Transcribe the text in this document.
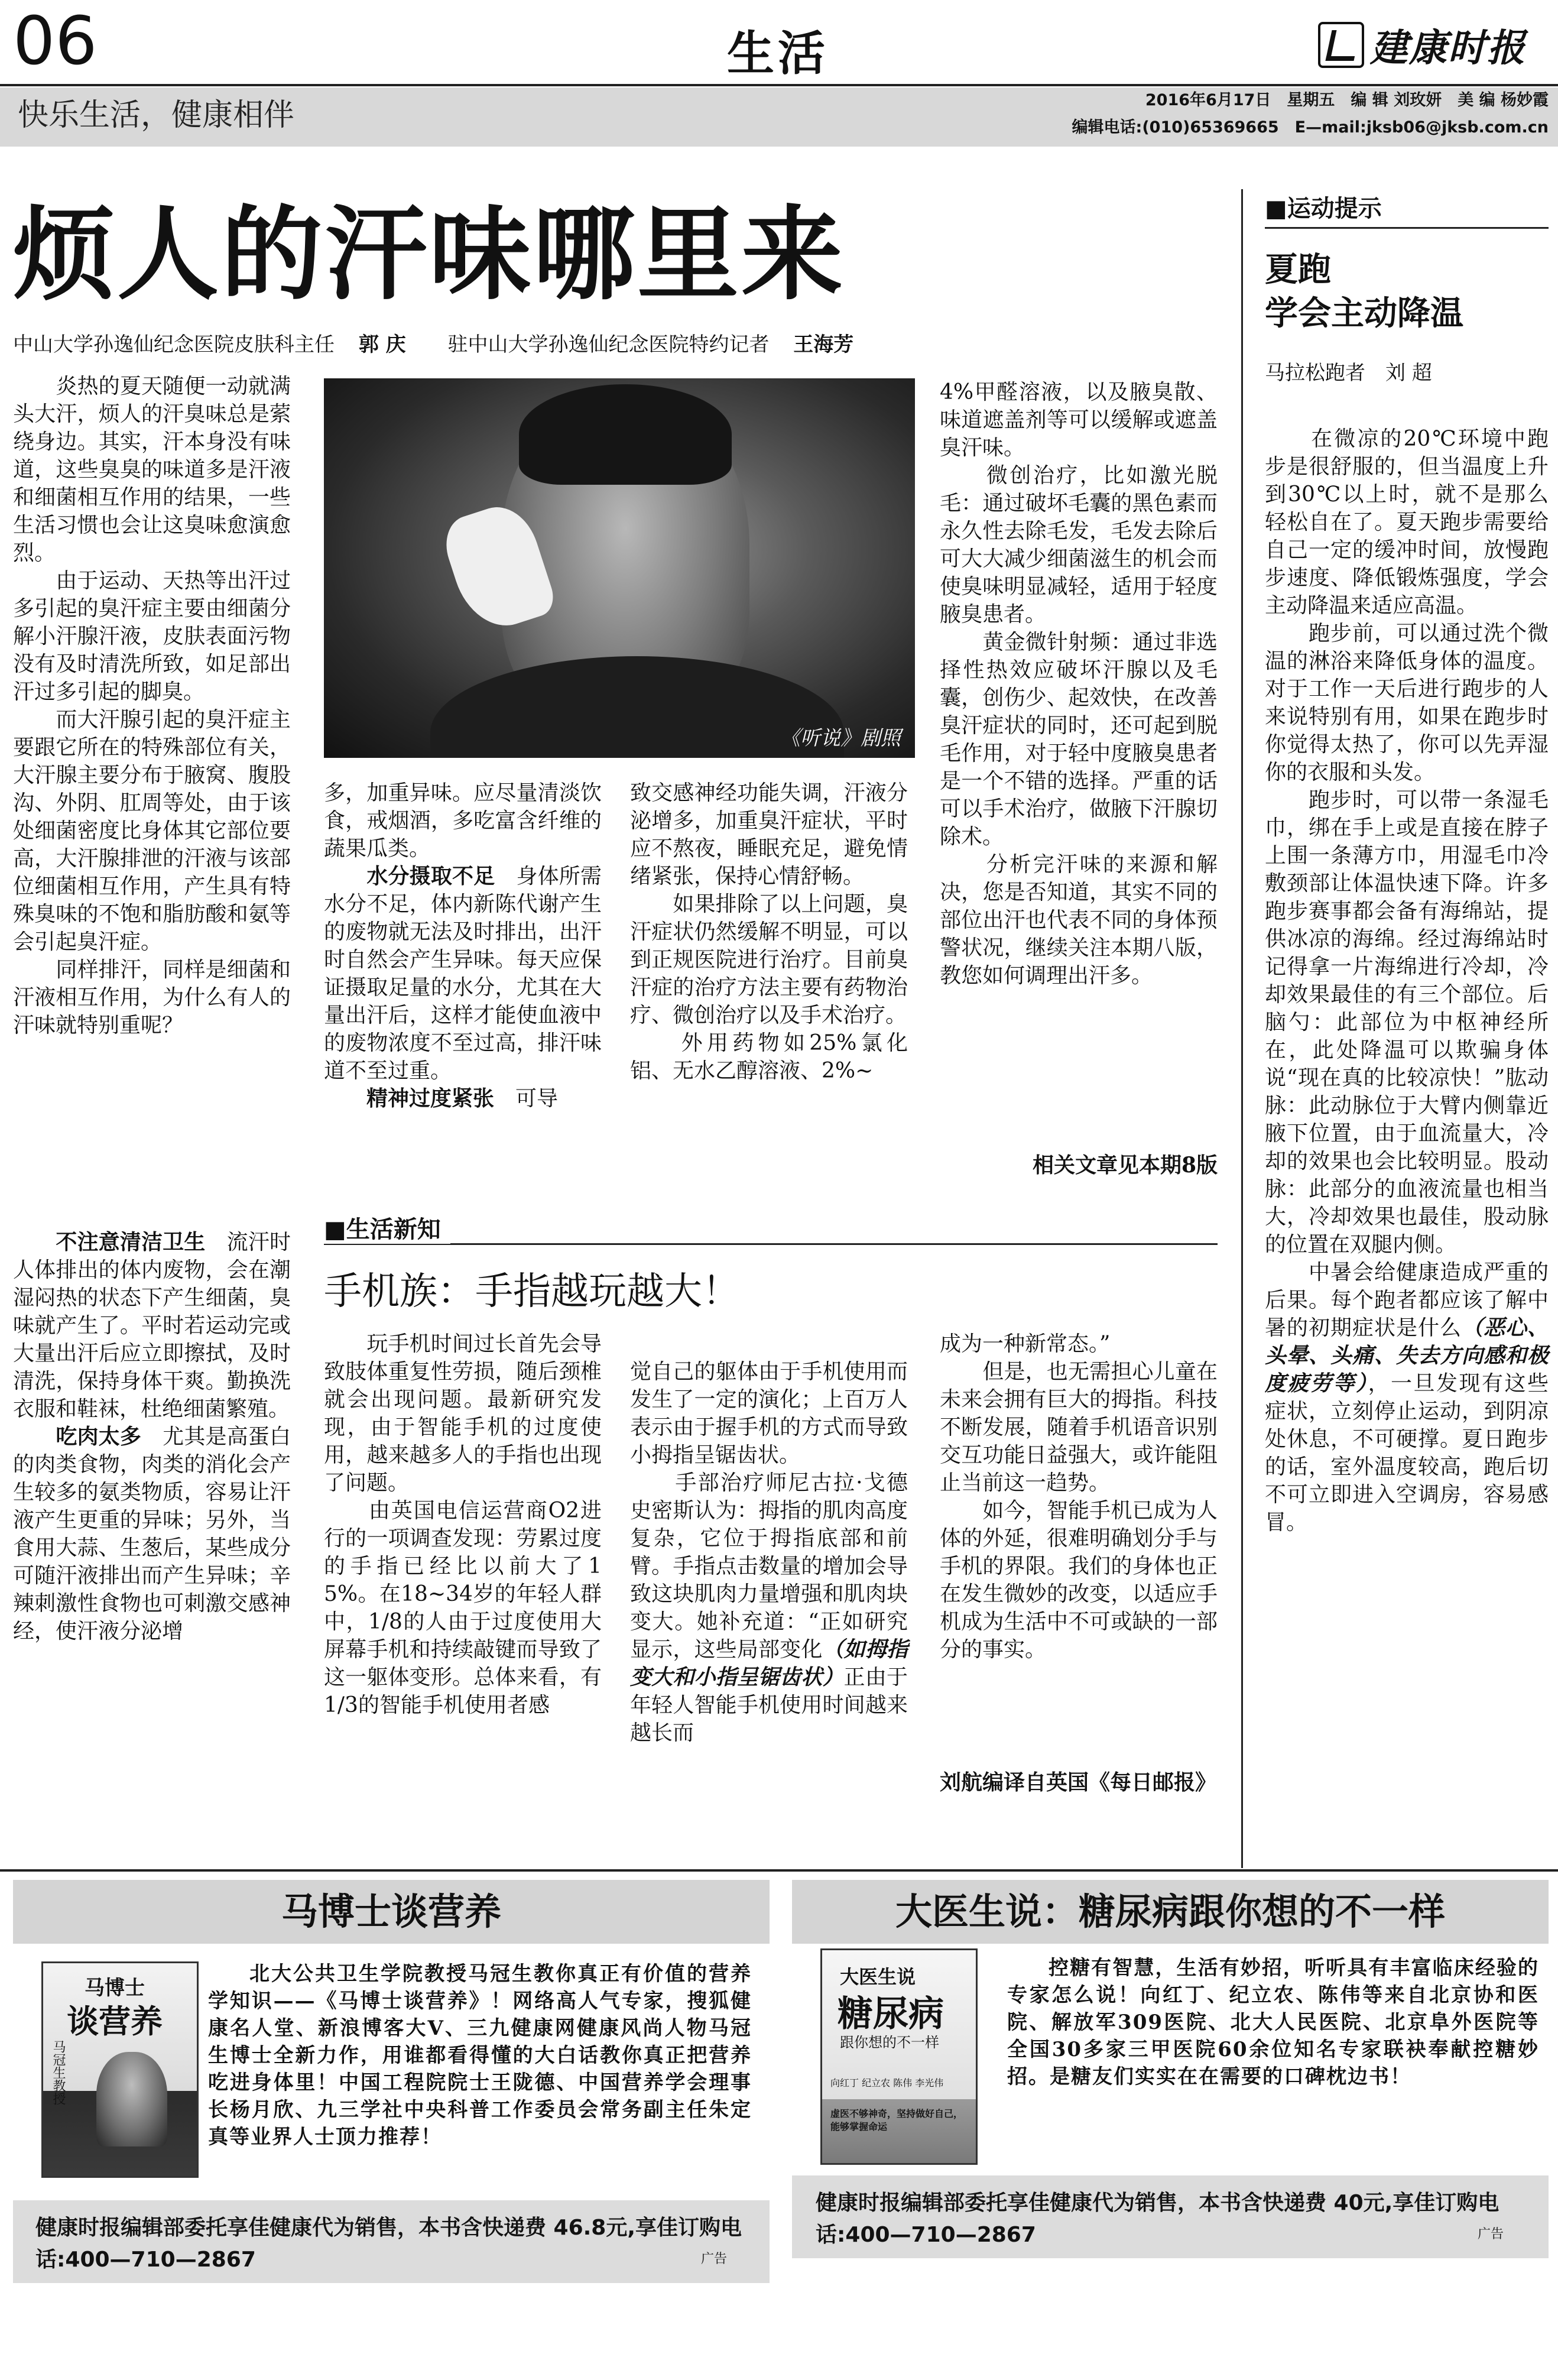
06	生活	建康时报
快乐生活，健康相伴	2016年6月17日　星期五　编 辑 刘玫妍　美 编 杨妙霞
编辑电话:(010)65369665　E—mail:jksb06@jksb.com.cn
烦人的汗味哪里来
中山大学孙逸仙纪念医院皮肤科主任 郭 庆 驻中山大学孙逸仙纪念医院特约记者 王海芳
《听说》剧照
　　炎热的夏天随便一动就满头大汗，烦人的汗臭味总是萦绕身边。其实，汗本身没有味道，这些臭臭的味道多是汗液和细菌相互作用的结果，一些生活习惯也会让这臭味愈演愈烈。
　　由于运动、天热等出汗过多引起的臭汗症主要由细菌分解小汗腺汗液，皮肤表面污物没有及时清洗所致，如足部出汗过多引起的脚臭。
　　而大汗腺引起的臭汗症主要跟它所在的特殊部位有关，大汗腺主要分布于腋窝、腹股沟、外阴、肛周等处，由于该处细菌密度比身体其它部位要高，大汗腺排泄的汗液与该部位细菌相互作用，产生具有特殊臭味的不饱和脂肪酸和氨等会引起臭汗症。
　　同样排汗，同样是细菌和汗液相互作用，为什么有人的汗味就特别重呢？

　　不注意清洁卫生　 流汗时人体排出的体内废物，会在潮湿闷热的状态下产生细菌，臭味就产生了。平时若运动完或大量出汗后应立即擦拭，及时清洗，保持身体干爽。勤换洗衣服和鞋袜，杜绝细菌繁殖。

　　吃肉太多　 尤其是高蛋白的肉类食物，肉类的消化会产生较多的氨类物质，容易让汗液产生更重的异味；另外，当食用大蒜、生葱后，某些成分可随汗液排出而产生异味；辛辣刺激性食物也可刺激交感神经，使汗液分泌增

多，加重异味。应尽量清淡饮食，戒烟酒，多吃富含纤维的蔬果瓜类。

　　水分摄取不足　 身体所需水分不足，体内新陈代谢产生的废物就无法及时排出，出汗时自然会产生异味。每天应保证摄取足量的水分，尤其在大量出汗后，这样才能使血液中的废物浓度不至过高，排汗味道不至过重。

　　精神过度紧张　 可导

致交感神经功能失调，汗液分泌增多，加重臭汗症状，平时应不熬夜，睡眠充足，避免情绪紧张，保持心情舒畅。
　　如果排除了以上问题，臭汗症状仍然缓解不明显，可以到正规医院进行治疗。目前臭汗症的治疗方法主要有药物治疗、微创治疗以及手术治疗。
　　外用药物如25%氯化铝、无水乙醇溶液、2%~
4%甲醛溶液，以及腋臭散、味道遮盖剂等可以缓解或遮盖臭汗味。
　　微创治疗，比如激光脱毛：通过破坏毛囊的黑色素而永久性去除毛发，毛发去除后可大大减少细菌滋生的机会而使臭味明显减轻，适用于轻度腋臭患者。
　　黄金微针射频：通过非选择性热效应破坏汗腺以及毛囊，创伤少、起效快，在改善臭汗症状的同时，还可起到脱毛作用，对于轻中度腋臭患者是一个不错的选择。严重的话可以手术治疗，做腋下汗腺切除术。
　　分析完汗味的来源和解决，您是否知道，其实不同的部位出汗也代表不同的身体预警状况，继续关注本期八版，教您如何调理出汗多。
相关文章见本期8版
■生活新知
手机族：手指越玩越大！
　　玩手机时间过长首先会导致肢体重复性劳损，随后颈椎就会出现问题。最新研究发现，由于智能手机的过度使用，越来越多人的手指也出现了问题。
　　由英国电信运营商O2进行的一项调查发现：劳累过度的手指已经比以前大了15%。在18~34岁的年轻人群中，1/8的人由于过度使用大屏幕手机和持续敲键而导致了这一躯体变形。总体来看，有1/3的智能手机使用者感

觉自己的躯体由于手机使用而发生了一定的演化；上百万人表示由于握手机的方式而导致小拇指呈锯齿状。
　　手部治疗师尼古拉·戈德史密斯认为：拇指的肌肉高度复杂，它位于拇指底部和前臂。手指点击数量的增加会导致这块肌肉力量增强和肌肉块变大。她补充道：“正如研究显示，这些局部变化（如拇指变大和小指呈锯齿状）正由于年轻人智能手机使用时间越来越长而

成为一种新常态。”
　　但是，也无需担心儿童在未来会拥有巨大的拇指。科技不断发展，随着手机语音识别交互功能日益强大，或许能阻止当前这一趋势。
　　如今，智能手机已成为人体的外延，很难明确划分手与手机的界限。我们的身体也正在发生微妙的改变，以适应手机成为生活中不可或缺的一部分的事实。
刘航编译自英国《每日邮报》
■运动提示
夏跑
学会主动降温
马拉松跑者　刘 超

　　在微凉的20℃环境中跑步是很舒服的，但当温度上升到30℃以上时，就不是那么轻松自在了。夏天跑步需要给自己一定的缓冲时间，放慢跑步速度、降低锻炼强度，学会主动降温来适应高温。
　　跑步前，可以通过洗个微温的淋浴来降低身体的温度。对于工作一天后进行跑步的人来说特别有用，如果在跑步时你觉得太热了，你可以先弄湿你的衣服和头发。
　　跑步时，可以带一条湿毛巾，绑在手上或是直接在脖子上围一条薄方巾，用湿毛巾冷敷颈部让体温快速下降。许多跑步赛事都会备有海绵站，提供冰凉的海绵。经过海绵站时记得拿一片海绵进行冷却，冷却效果最佳的有三个部位。后脑勺：此部位为中枢神经所在，此处降温可以欺骗身体说“现在真的比较凉快！”肱动脉：此动脉位于大臂内侧靠近腋下位置，由于血流量大，冷却的效果也会比较明显。股动脉：此部分的血液流量也相当大，冷却效果也最佳，股动脉的位置在双腿内侧。
　　中暑会给健康造成严重的后果。每个跑者都应该了解中暑的初期症状是什么（恶心、头晕、头痛、失去方向感和极度疲劳等），一旦发现有这些症状，立刻停止运动，到阴凉处休息，不可硬撑。夏日跑步的话，室外温度较高，跑后切不可立即进入空调房，容易感冒。

马博士谈营养
马博士
谈营养
马冠生教授
北大公共卫生学院教授马冠生教你真正有价值的营养学知识——《马博士谈营养》！网络高人气专家，搜狐健康名人堂、新浪博客大V、三九健康网健康风尚人物马冠生博士全新力作，用谁都看得懂的大白话教你真正把营养吃进身体里！中国工程院院士王陇德、中国营养学会理事长杨月欣、九三学社中央科普工作委员会常务副主任朱定真等业界人士顶力推荐！
健康时报编辑部委托享佳健康代为销售，本书含快递费 46.8元,享佳订购电话:400—710—2867	广告
大医生说：糖尿病跟你想的不一样
大医生说
糖尿病
跟你想的不一样
向红丁 纪立农 陈伟 李光伟
虚医不够神奇，坚持做好自己，能够掌握命运
控糖有智慧，生活有妙招，听听具有丰富临床经验的专家怎么说！向红丁、纪立农、陈伟等来自北京协和医院、解放军309医院、北大人民医院、北京阜外医院等全国30多家三甲医院60余位知名专家联袂奉献控糖妙招。是糖友们实实在在需要的口碑枕边书！
健康时报编辑部委托享佳健康代为销售，本书含快递费 40元,享佳订购电话:400—710—2867	广告
